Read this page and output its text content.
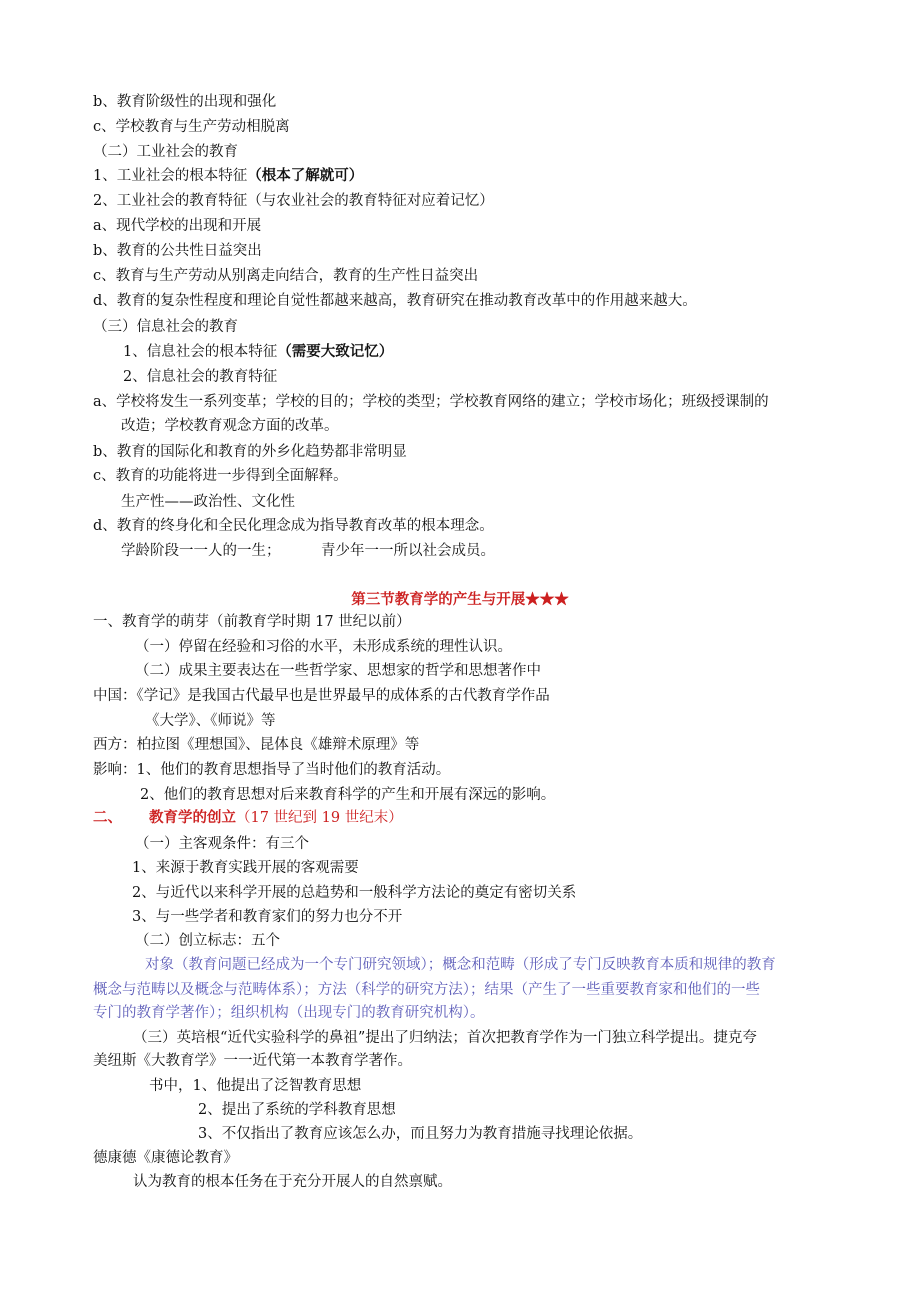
b、教育阶级性的出现和强化
c、学校教育与生产劳动相脱离
（二）工业社会的教育
1、工业社会的根本特征（根本了解就可）
2、工业社会的教育特征（与农业社会的教育特征对应着记忆）
a、现代学校的出现和开展
b、教育的公共性日益突出
c、教育与生产劳动从别离走向结合，教育的生产性日益突出
d、教育的复杂性程度和理论自觉性都越来越高，教育研究在推动教育改革中的作用越来越大。
（三）信息社会的教育
1、信息社会的根本特征（需要大致记忆）
2、信息社会的教育特征
a、学校将发生一系列变革；学校的目的；学校的类型；学校教育网络的建立；学校市场化；班级授课制的
改造；学校教育观念方面的改革。
b、教育的国际化和教育的外乡化趋势都非常明显
c、教育的功能将进一步得到全面解释。
生产性——政治性、文化性
d、教育的终身化和全民化理念成为指导教育改革的根本理念。
学龄阶段一一人的一生；	青少年一一所以社会成员。
第三节教育学的产生与开展★★★
一、教育学的萌芽（前教育学时期 17 世纪以前）
（一）停留在经验和习俗的水平，未形成系统的理性认识。
（二）成果主要表达在一些哲学家、思想家的哲学和思想著作中
中国：《学记》是我国古代最早也是世界最早的成体系的古代教育学作品
《大学》、《师说》等
西方：柏拉图《理想国》、昆体良《雄辩术原理》等
影响：1、他们的教育思想指导了当时他们的教育活动。
2、他们的教育思想对后来教育科学的产生和开展有深远的影响。
二、 教育学的创立（17 世纪到 19 世纪末）
（一）主客观条件：有三个
1、来源于教育实践开展的客观需要
2、与近代以来科学开展的总趋势和一般科学方法论的奠定有密切关系
3、与一些学者和教育家们的努力也分不开
（二）创立标志：五个
对象（教育问题已经成为一个专门研究领域）；概念和范畴（形成了专门反映教育本质和规律的教育
概念与范畴以及概念与范畴体系）；方法（科学的研究方法）；结果（产生了一些重要教育家和他们的一些
专门的教育学著作）；组织机构（出现专门的教育研究机构）。
（三）英培根“近代实验科学的鼻祖”提出了归纳法；首次把教育学作为一门独立科学提出。捷克夸
美纽斯《大教育学》一一近代第一本教育学著作。
书中，1、他提出了泛智教育思想
2、提出了系统的学科教育思想
3、不仅指出了教育应该怎么办，而且努力为教育措施寻找理论依据。
德康德《康德论教育》
认为教育的根本任务在于充分开展人的自然禀赋。
